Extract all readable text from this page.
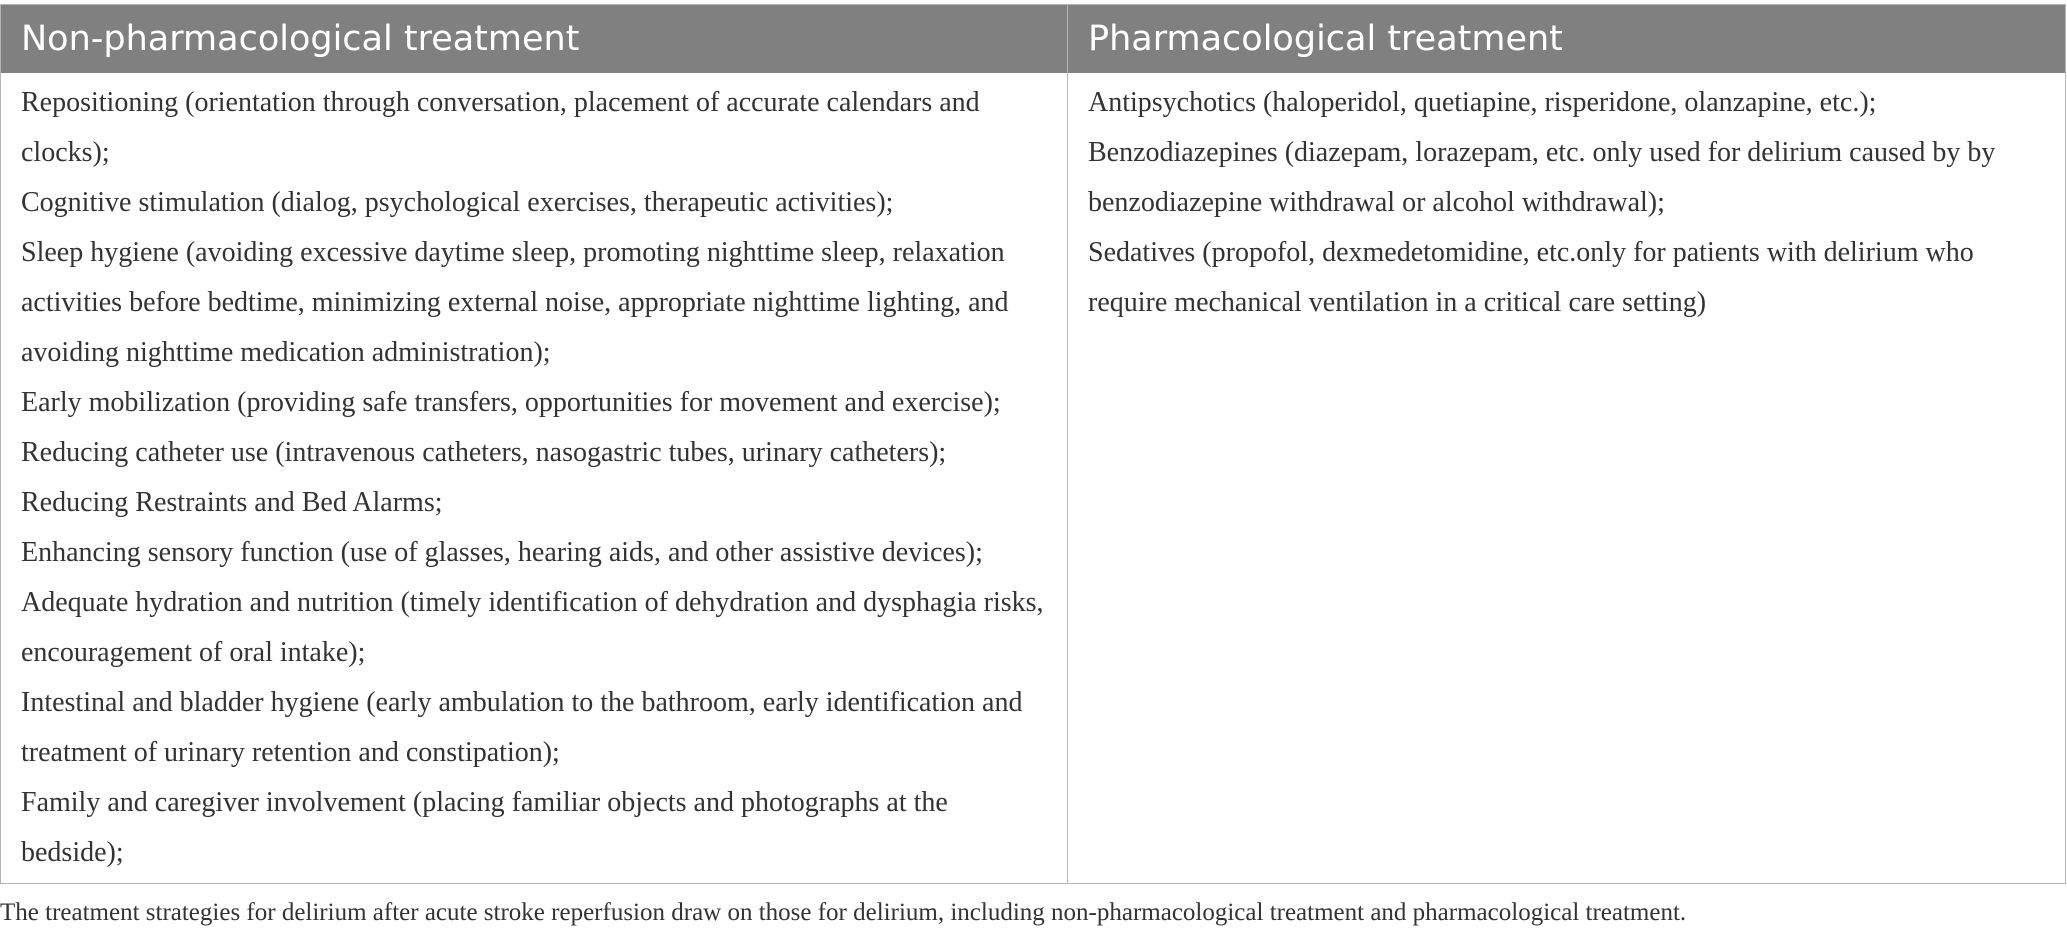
Non-pharmacological treatment	Pharmacological treatment

Repositioning (orientation through conversation, placement of accurate calendars and clocks);

Cognitive stimulation (dialog, psychological exercises, therapeutic activities);

Sleep hygiene (avoiding excessive daytime sleep, promoting nighttime sleep, relaxation activities before bedtime, minimizing external noise, appropriate nighttime lighting, and avoiding nighttime medication administration);

Early mobilization (providing safe transfers, opportunities for movement and exercise);

Reducing catheter use (intravenous catheters, nasogastric tubes, urinary catheters);

Reducing Restraints and Bed Alarms;

Enhancing sensory function (use of glasses, hearing aids, and other assistive devices);

Adequate hydration and nutrition (timely identification of dehydration and dysphagia risks, encouragement of oral intake);

Intestinal and bladder hygiene (early ambulation to the bathroom, early identification and treatment of urinary retention and constipation);

Family and caregiver involvement (placing familiar objects and photographs at the bedside);

Antipsychotics (haloperidol, quetiapine, risperidone, olanzapine, etc.);

Benzodiazepines (diazepam, lorazepam, etc. only used for delirium caused by by benzodiazepine withdrawal or alcohol withdrawal);

Sedatives (propofol, dexmedetomidine, etc.only for patients with delirium who require mechanical ventilation in a critical care setting)

The treatment strategies for delirium after acute stroke reperfusion draw on those for delirium, including non-pharmacological treatment and pharmacological treatment.
